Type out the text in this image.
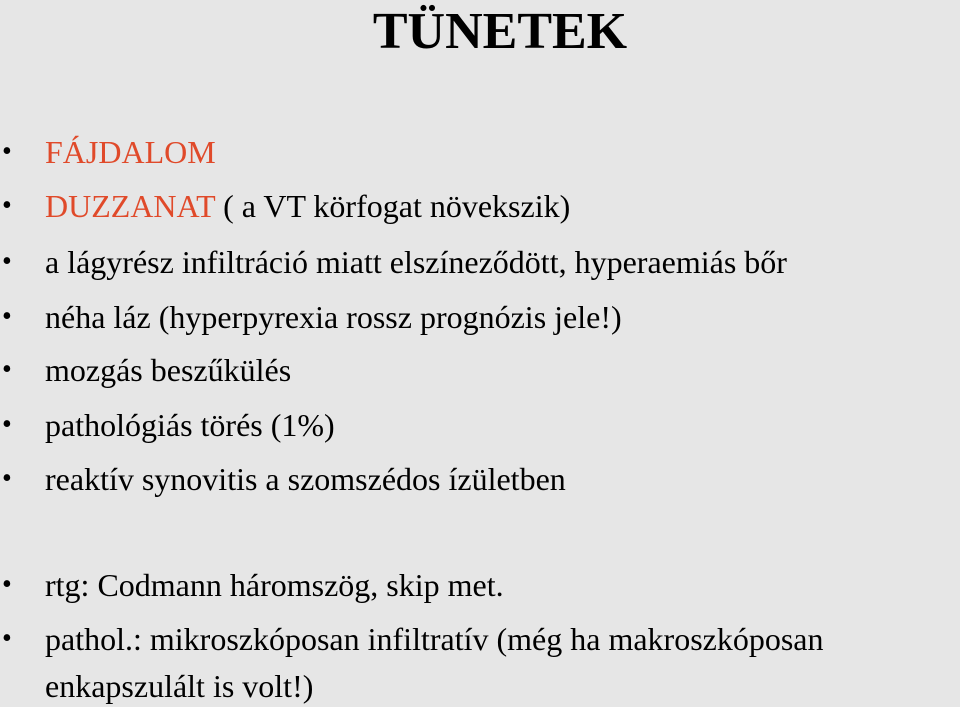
TÜNETEK
• FÁJDALOM
• DUZZANAT ( a VT körfogat növekszik)
• a lágyrész infiltráció miatt elszíneződött, hyperaemiás bőr
• néha láz (hyperpyrexia rossz prognózis jele!)
• mozgás beszűkülés
• pathológiás törés (1%)
• reaktív synovitis a szomszédos ízületben
• rtg: Codmann háromszög, skip met.
• pathol.: mikroszkóposan infiltratív (még ha makroszkóposan
enkapszulált is volt!)
